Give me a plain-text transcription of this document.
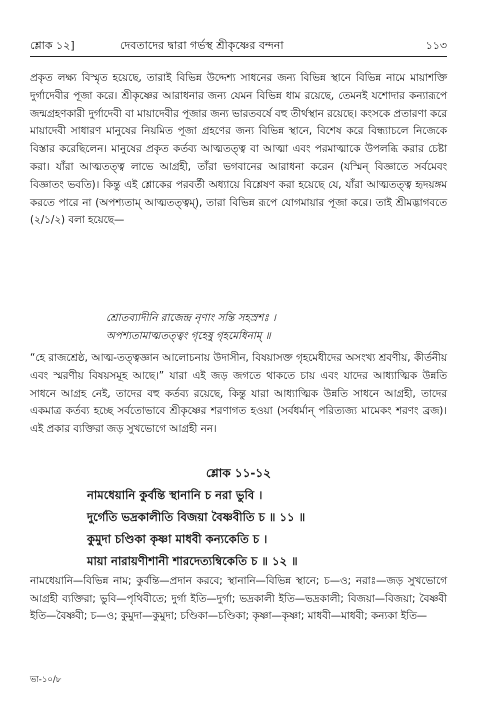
শ্লোক ১২]	দেবতাদের দ্বারা গর্ভস্থ শ্রীকৃষ্ণের বন্দনা	১১৩

প্রকৃত লক্ষ্য বিস্মৃত হয়েছে, তারাই বিভিন্ন উদ্দেশ্য সাধনের জন্য বিভিন্ন স্থানে বিভিন্ন নামে মায়াশক্তি দুর্গাদেবীর পূজা করে। শ্রীকৃষ্ণের আরাধনার জন্য যেমন বিভিন্ন ধাম রয়েছে, তেমনই যশোদার কন্যারূপে জন্মগ্রহণকারী দুর্গাদেবী বা মায়াদেবীর পূজার জন্য ভারতবর্ষে বহু তীর্থস্থান রয়েছে। কংসকে প্রতারণা করে মায়াদেবী সাধারণ মানুষের নিয়মিত পূজা গ্রহণের জন্য বিভিন্ন স্থানে, বিশেষ করে বিন্ধ্যাচলে নিজেকে বিস্তার করেছিলেন। মানুষের প্রকৃত কর্তব্য আত্মতত্ত্ব বা আত্মা এবং পরমাত্মাকে উপলব্ধি করার চেষ্টা করা। যাঁরা আত্মতত্ত্ব লাভে আগ্রহী, তাঁরা ভগবানের আরাধনা করেন (যস্মিন্ বিজ্ঞাতে সর্বমেবং বিজ্ঞাতং ভবতি)। কিন্তু এই শ্লোকের পরবর্তী অধ্যায়ে বিশ্লেষণ করা হয়েছে যে, যাঁরা আত্মতত্ত্ব হৃদয়ঙ্গম করতে পারে না (অপশ্যতাম্ আত্মতত্ত্বম্), তারা বিভিন্ন রূপে যোগমায়ার পূজা করে। তাই শ্রীমদ্ভাগবতে (২/১/২) বলা হয়েছে—

শ্রোতব্যাদীনি রাজেন্দ্র নৃণাং সন্তি সহস্রশঃ ।
অপশ্যতামাত্মতত্ত্বং গৃহেষু গৃহমেধিনাম্ ॥

“হে রাজশ্রেষ্ঠ, আত্ম-তত্ত্বজ্ঞান আলোচনায় উদাসীন, বিষয়াসক্ত গৃহমেধীদের অসংখ্য শ্রবণীয়, কীর্তনীয় এবং স্মরণীয় বিষয়সমূহ আছে।” যারা এই জড় জগতে থাকতে চায় এবং যাদের আধ্যাত্মিক উন্নতি সাধনে আগ্রহ নেই, তাদের বহু কর্তব্য রয়েছে, কিন্তু যারা আধ্যাত্মিক উন্নতি সাধনে আগ্রহী, তাদের একমাত্র কর্তব্য হচ্ছে সর্বতোভাবে শ্রীকৃষ্ণের শরণাগত হওয়া (সর্বধর্মান্ পরিত্যজ্য মামেকং শরণং ব্রজ)। এই প্রকার ব্যক্তিরা জড় সুখভোগে আগ্রহী নন।

শ্লোক ১১-১২
নামধেয়ানি কুর্বন্তি স্থানানি চ নরা ভুবি ।
দুর্গেতি ভদ্রকালীতি বিজয়া বৈষ্ণবীতি চ ॥ ১১ ॥
কুমুদা চণ্ডিকা কৃষ্ণা মাধবী কন্যকেতি চ ।
মায়া নারায়ণীশানী শারদেত্যম্বিকেতি চ ॥ ১২ ॥

নামধেয়ানি—বিভিন্ন নাম; কুর্বন্তি—প্রদান করবে; স্থানানি—বিভিন্ন স্থানে; চ—ও; নরাঃ—জড় সুখভোগে আগ্রহী ব্যক্তিরা; ভুবি—পৃথিবীতে; দুর্গা ইতি—দুর্গা; ভদ্রকালী ইতি—ভদ্রকালী; বিজয়া—বিজয়া; বৈষ্ণবী ইতি—বৈষ্ণবী; চ—ও; কুমুদা—কুমুদা; চণ্ডিকা—চণ্ডিকা; কৃষ্ণা—কৃষ্ণা; মাধবী—মাধবী; কন্যকা ইতি—

ভা-১০/৮
